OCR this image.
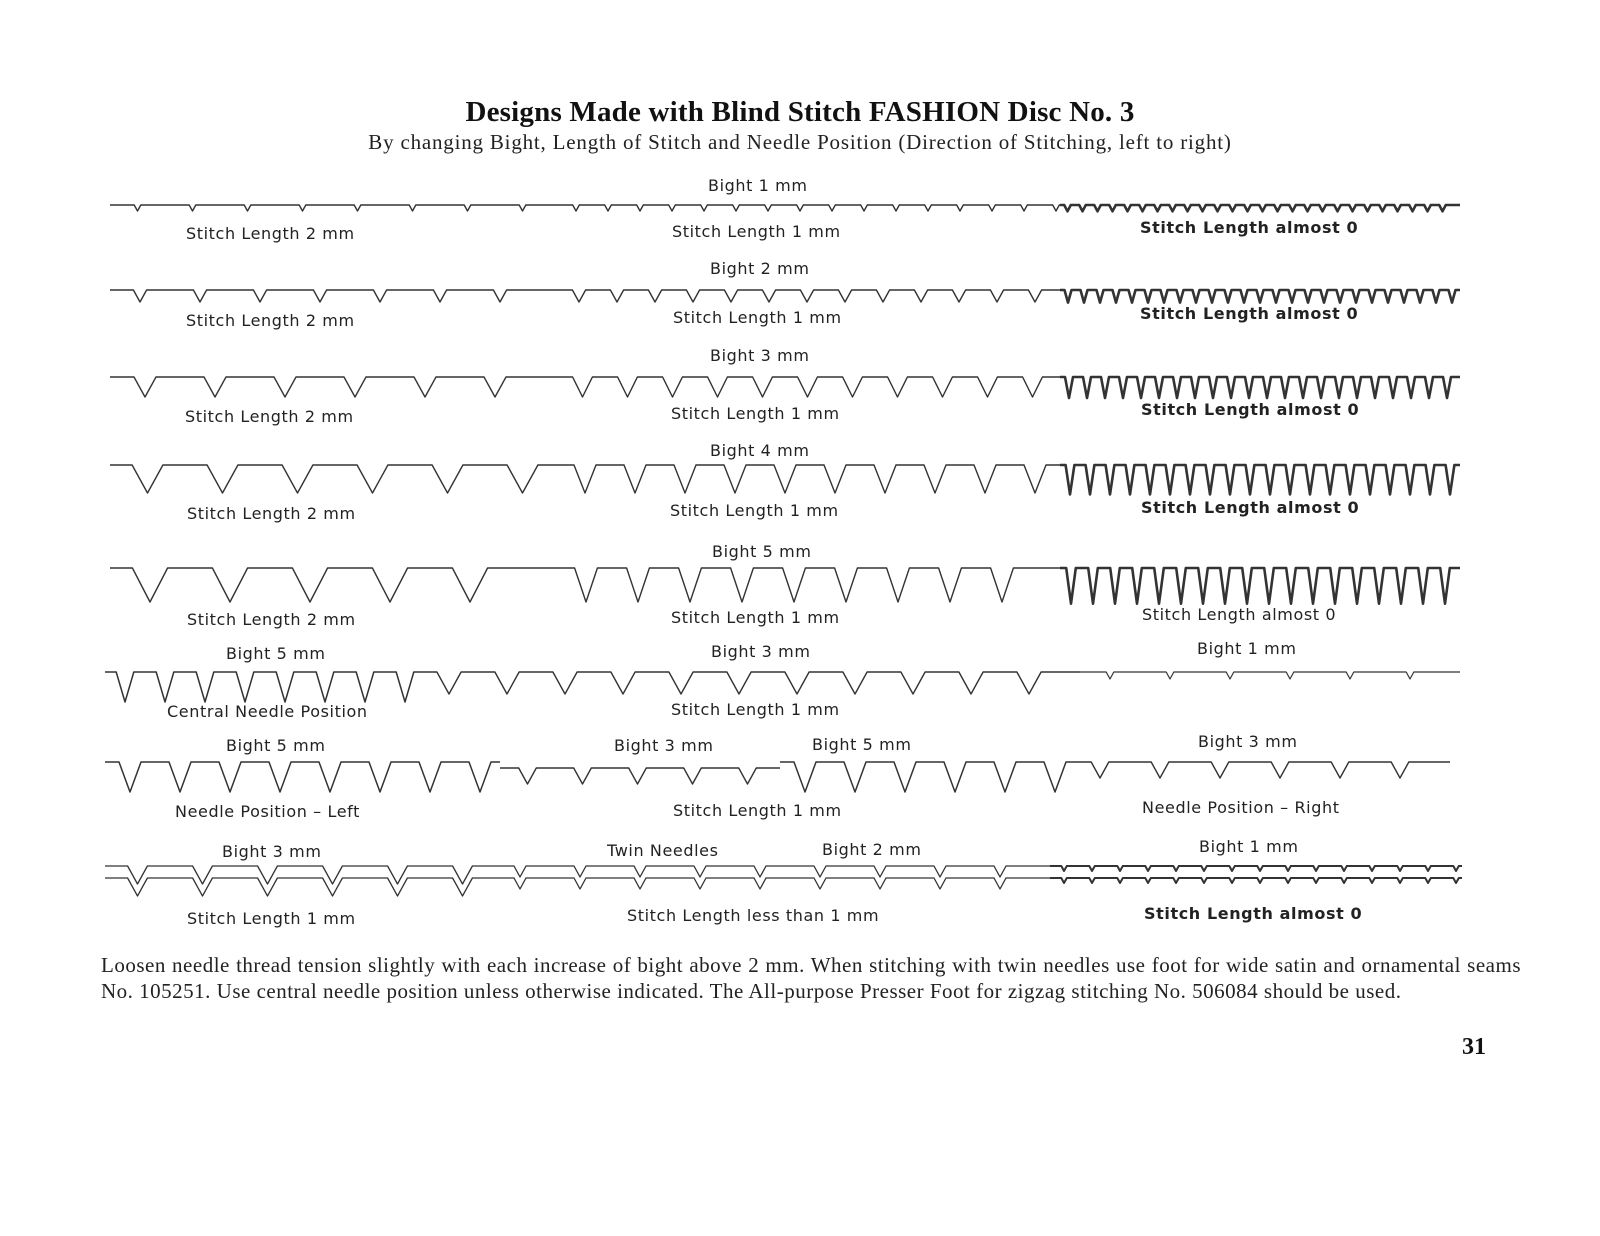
Designs Made with Blind Stitch FASHION Disc No. 3
By changing Bight, Length of Stitch and Needle Position (Direction of Stitching, left to right)
Bight 1 mm
Stitch Length 2 mm	Stitch Length 1 mm	Stitch Length almost 0
Bight 2 mm
Stitch Length 2 mm	Stitch Length 1 mm	Stitch Length almost 0
Bight 3 mm
Stitch Length 2 mm	Stitch Length 1 mm	Stitch Length almost 0
Bight 4 mm
Stitch Length 2 mm	Stitch Length 1 mm	Stitch Length almost 0
Bight 5 mm
Stitch Length 2 mm	Stitch Length 1 mm	Stitch Length almost 0
Bight 5 mm	Bight 3 mm	Bight 1 mm
Central Needle Position	Stitch Length 1 mm
Bight 5 mm	Bight 3 mm	Bight 5 mm	Bight 3 mm
Needle Position – Left	Stitch Length 1 mm	Needle Position – Right
Bight 3 mm	Twin Needles	Bight 2 mm	Bight 1 mm
Stitch Length 1 mm	Stitch Length less than 1 mm	Stitch Length almost 0
Loosen needle thread tension slightly with each increase of bight above 2 mm. When stitching with twin needles use foot for wide satin and ornamental seams No. 105251. Use central needle position unless otherwise indicated. The All-purpose Presser Foot for zigzag stitching No. 506084 should be used.
31
